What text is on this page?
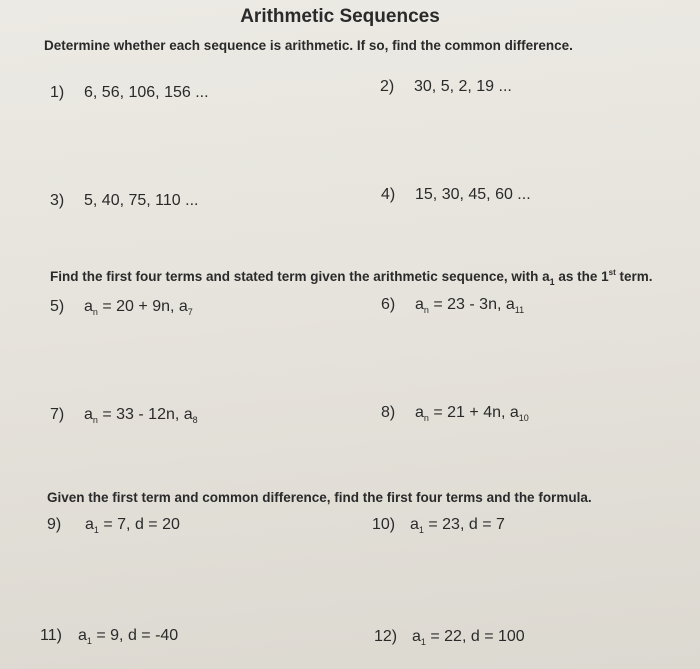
Arithmetic Sequences
Determine whether each sequence is arithmetic. If so, find the common difference.
1) 6, 56, 106, 156 ...	2) 30, 5, 2, 19 ...
3) 5, 40, 75, 110 ...	4) 15, 30, 45, 60 ...
Find the first four terms and stated term given the arithmetic sequence, with $a_1$ as the 1st term.
5) $a_n = 20 + 9n$, $a_7$	6) $a_n = 23 - 3n$, $a_{11}$
7) $a_n = 33 - 12n$, $a_8$	8) $a_n = 21 + 4n$, $a_{10}$
Given the first term and common difference, find the first four terms and the formula.
9) $a_1 = 7$, d = 20	10) $a_1 = 23$, d = 7
11) $a_1 = 9$, d = -40	12) $a_1 = 22$, d = 100
